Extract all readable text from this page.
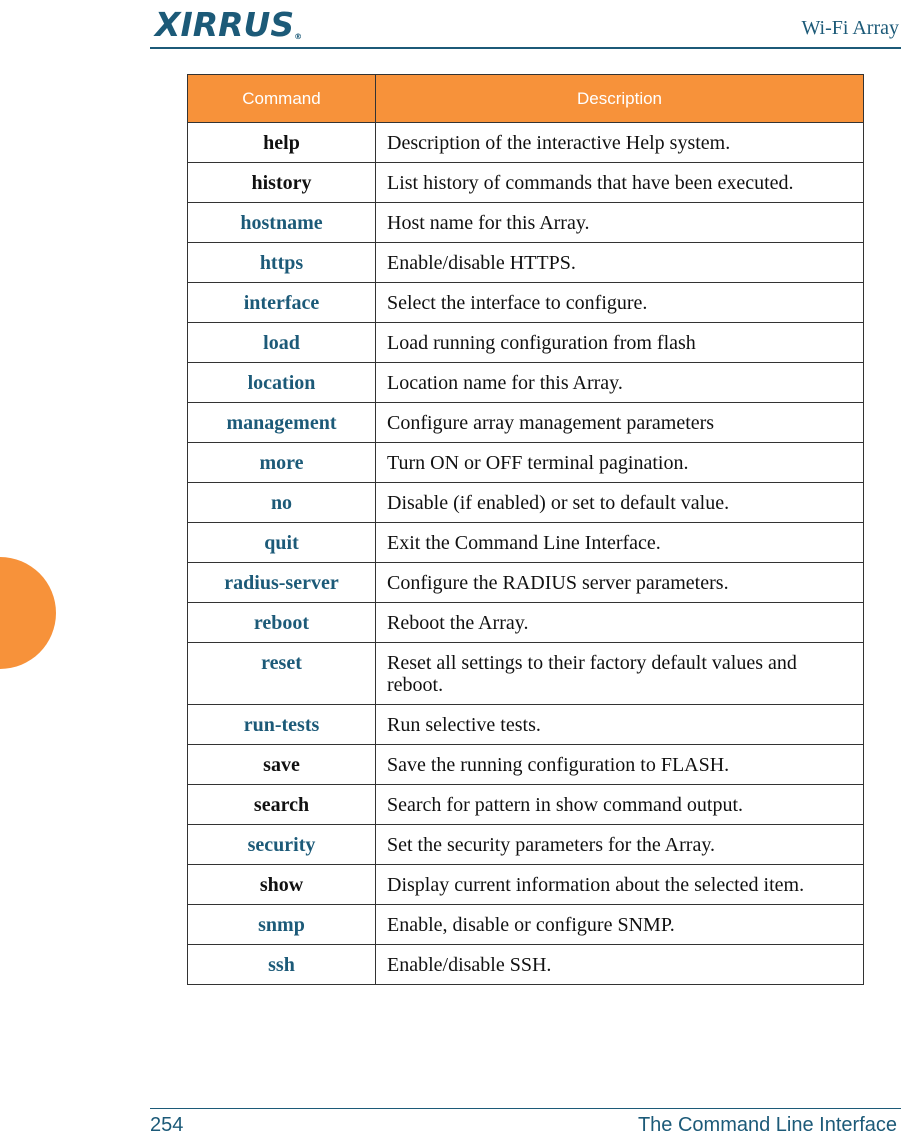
XIRRUS®	Wi-Fi Array
Command	Description
help	Description of the interactive Help system.
history	List history of commands that have been executed.
hostname	Host name for this Array.
https	Enable/disable HTTPS.
interface	Select the interface to configure.
load	Load running configuration from flash
location	Location name for this Array.
management	Configure array management parameters
more	Turn ON or OFF terminal pagination.
no	Disable (if enabled) or set to default value.
quit	Exit the Command Line Interface.
radius-server	Configure the RADIUS server parameters.
reboot	Reboot the Array.
reset	Reset all settings to their factory default values and reboot.
run-tests	Run selective tests.
save	Save the running configuration to FLASH.
search	Search for pattern in show command output.
security	Set the security parameters for the Array.
show	Display current information about the selected item.
snmp	Enable, disable or configure SNMP.
ssh	Enable/disable SSH.
254	The Command Line Interface
